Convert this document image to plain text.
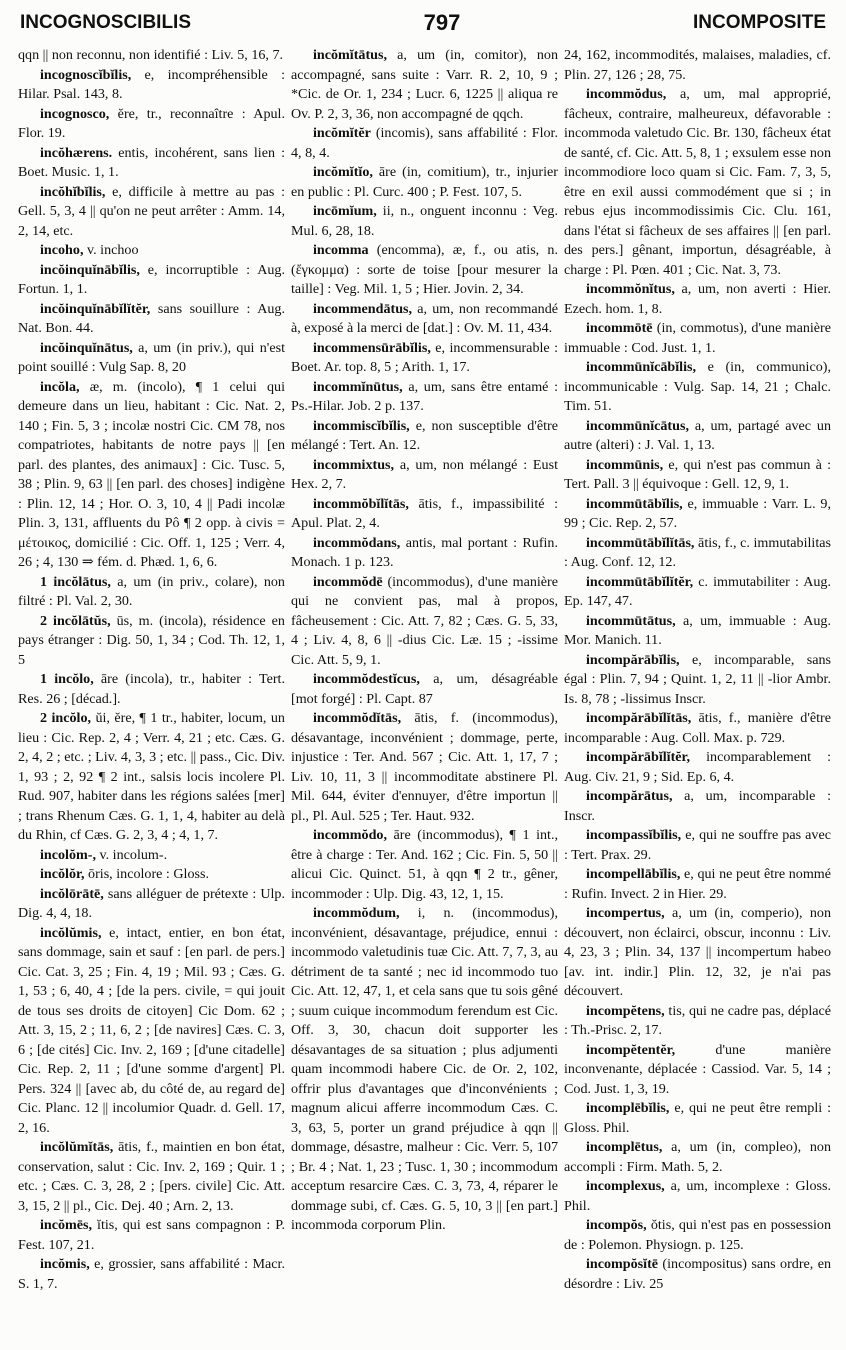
INCOGNOSCIBILIS	797	INCOMPOSITE

qqn || non reconnu, non identifié : Liv. 5, 16, 7.

incognoscĭbĭlis, e, incompréhensible : Hilar. Psal. 143, 8.

incognosco, ĕre, tr., reconnaître : Apul. Flor. 19.

incŏhærens. entis, incohérent, sans lien : Boet. Music. 1, 1.

incŏhĭbĭlis, e, difficile à mettre au pas : Gell. 5, 3, 4 || qu'on ne peut arrêter : Amm. 14, 2, 14, etc.

incoho, v. inchoo

incŏinquĭnābĭlis, e, incorruptible : Aug. Fortun. 1, 1.

incŏinquĭnābĭlĭtĕr, sans souillure : Aug. Nat. Bon. 44.

incŏinquĭnātus, a, um (in priv.), qui n'est point souillé : Vulg Sap. 8, 20

incŏla, æ, m. (incolo), ¶ 1 celui qui demeure dans un lieu, habitant : Cic. Nat. 2, 140 ; Fin. 5, 3 ; incolæ nostri Cic. CM 78, nos compatriotes, habitants de notre pays || [en parl. des plantes, des animaux] : Cic. Tusc. 5, 38 ; Plin. 9, 63 || [en parl. des choses] indigène : Plin. 12, 14 ; Hor. O. 3, 10, 4 || Padi incolæ Plin. 3, 131, affluents du Pô ¶ 2 opp. à civis = μέτοικος, domicilié : Cic. Off. 1, 125 ; Verr. 4, 26 ; 4, 130 ⇒ fém. d. Phæd. 1, 6, 6.

1 incŏlātus, a, um (in priv., colare), non filtré : Pl. Val. 2, 30.

2 incŏlātŭs, ūs, m. (incola), résidence en pays étranger : Dig. 50, 1, 34 ; Cod. Th. 12, 1, 5

1 incŏlo, āre (incola), tr., habiter : Tert. Res. 26 ; [décad.].

2 incŏlo, ŭi, ĕre, ¶ 1 tr., habiter, locum, un lieu : Cic. Rep. 2, 4 ; Verr. 4, 21 ; etc. Cæs. G. 2, 4, 2 ; etc. ; Liv. 4, 3, 3 ; etc. || pass., Cic. Div. 1, 93 ; 2, 92 ¶ 2 int., salsis locis incolere Pl. Rud. 907, habiter dans les régions salées [mer] ; trans Rhenum Cæs. G. 1, 1, 4, habiter au delà du Rhin, cf Cæs. G. 2, 3, 4 ; 4, 1, 7.

incolŏm-, v. incolum-.

incŏlŏr, ōris, incolore : Gloss.

incŏlōrātē, sans alléguer de prétexte : Ulp. Dig. 4, 4, 18.

incŏlŭmis, e, intact, entier, en bon état, sans dommage, sain et sauf : [en parl. de pers.] Cic. Cat. 3, 25 ; Fin. 4, 19 ; Mil. 93 ; Cæs. G. 1, 53 ; 6, 40, 4 ; [de la pers. civile, = qui jouit de tous ses droits de citoyen] Cic Dom. 62 ; Att. 3, 15, 2 ; 11, 6, 2 ; [de navires] Cæs. C. 3, 6 ; [de cités] Cic. Inv. 2, 169 ; [d'une citadelle] Cic. Rep. 2, 11 ; [d'une somme d'argent] Pl. Pers. 324 || [avec ab, du côté de, au regard de] Cic. Planc. 12 || incolumior Quadr. d. Gell. 17, 2, 16.

incŏlŭmĭtās, ātis, f., maintien en bon état, conservation, salut : Cic. Inv. 2, 169 ; Quir. 1 ; etc. ; Cæs. C. 3, 28, 2 ; [pers. civile] Cic. Att. 3, 15, 2 || pl., Cic. Dej. 40 ; Arn. 2, 13.

incŏmēs, ĭtis, qui est sans compagnon : P. Fest. 107, 21.

incŏmis, e, grossier, sans affabilité : Macr. S. 1, 7.

incŏmĭtātus, a, um (in, comitor), non accompagné, sans suite : Varr. R. 2, 10, 9 ; *Cic. de Or. 1, 234 ; Lucr. 6, 1225 || aliqua re Ov. P. 2, 3, 36, non accompagné de qqch.

incŏmĭtĕr (incomis), sans affabilité : Flor. 4, 8, 4.

incŏmĭtĭo, āre (in, comitium), tr., injurier en public : Pl. Curc. 400 ; P. Fest. 107, 5.

incōmĭum, ii, n., onguent inconnu : Veg. Mul. 6, 28, 18.

incomma (encomma), æ, f., ou atis, n. (ἔγκομμα) : sorte de toise [pour mesurer la taille] : Veg. Mil. 1, 5 ; Hier. Jovin. 2, 34.

incommendātus, a, um, non recommandé à, exposé à la merci de [dat.] : Ov. M. 11, 434.

incommensūrābĭlis, e, incommensurable : Boet. Ar. top. 8, 5 ; Arith. 1, 17.

incommĭnūtus, a, um, sans être entamé : Ps.-Hilar. Job. 2 p. 137.

incommiscĭbĭlis, e, non susceptible d'être mélangé : Tert. An. 12.

incommixtus, a, um, non mélangé : Eust Hex. 2, 7.

incommŏbĭlĭtās, ātis, f., impassibilité : Apul. Plat. 2, 4.

incommŏdans, antis, mal portant : Rufin. Monach. 1 p. 123.

incommŏdē (incommodus), d'une manière qui ne convient pas, mal à propos, fâcheusement : Cic. Att. 7, 82 ; Cæs. G. 5, 33, 4 ; Liv. 4, 8, 6 || -dius Cic. Læ. 15 ; -issime Cic. Att. 5, 9, 1.

incommŏdestĭcus, a, um, désagréable [mot forgé] : Pl. Capt. 87

incommŏdĭtās, ātis, f. (incommodus), désavantage, inconvénient ; dommage, perte, injustice : Ter. And. 567 ; Cic. Att. 1, 17, 7 ; Liv. 10, 11, 3 || incommoditate abstinere Pl. Mil. 644, éviter d'ennuyer, d'être importun || pl., Pl. Aul. 525 ; Ter. Haut. 932.

incommŏdo, āre (incommodus), ¶ 1 int., être à charge : Ter. And. 162 ; Cic. Fin. 5, 50 || alicui Cic. Quinct. 51, à qqn ¶ 2 tr., gêner, incommoder : Ulp. Dig. 43, 12, 1, 15.

incommŏdum, i, n. (incommodus), inconvénient, désavantage, préjudice, ennui : incommodo valetudinis tuæ Cic. Att. 7, 7, 3, au détriment de ta santé ; nec id incommodo tuo Cic. Att. 12, 47, 1, et cela sans que tu sois gêné ; suum cuique incommodum ferendum est Cic. Off. 3, 30, chacun doit supporter les désavantages de sa situation ; plus adjumenti quam incommodi habere Cic. de Or. 2, 102, offrir plus d'avantages que d'inconvénients ; magnum alicui afferre incommodum Cæs. C. 3, 63, 5, porter un grand préjudice à qqn || dommage, désastre, malheur : Cic. Verr. 5, 107 ; Br. 4 ; Nat. 1, 23 ; Tusc. 1, 30 ; incommodum acceptum resarcire Cæs. C. 3, 73, 4, réparer le dommage subi, cf. Cæs. G. 5, 10, 3 || [en part.] incommoda corporum Plin.

24, 162, incommodités, malaises, maladies, cf. Plin. 27, 126 ; 28, 75.

incommŏdus, a, um, mal approprié, fâcheux, contraire, malheureux, défavorable : incommoda valetudo Cic. Br. 130, fâcheux état de santé, cf. Cic. Att. 5, 8, 1 ; exsulem esse non incommodiore loco quam si Cic. Fam. 7, 3, 5, être en exil aussi commodément que si ; in rebus ejus incommodissimis Cic. Clu. 161, dans l'état si fâcheux de ses affaires || [en parl. des pers.] gênant, importun, désagréable, à charge : Pl. Pœn. 401 ; Cic. Nat. 3, 73.

incommŏnĭtus, a, um, non averti : Hier. Ezech. hom. 1, 8.

incommōtē (in, commotus), d'une manière immuable : Cod. Just. 1, 1.

incommūnĭcābĭlis, e (in, communico), incommunicable : Vulg. Sap. 14, 21 ; Chalc. Tim. 51.

incommūnĭcātus, a, um, partagé avec un autre (alteri) : J. Val. 1, 13.

incommūnis, e, qui n'est pas commun à : Tert. Pall. 3 || équivoque : Gell. 12, 9, 1.

incommūtābĭlis, e, immuable : Varr. L. 9, 99 ; Cic. Rep. 2, 57.

incommūtābĭlĭtās, ātis, f., c. immutabilitas : Aug. Conf. 12, 12.

incommūtābĭlĭtĕr, c. immutabiliter : Aug. Ep. 147, 47.

incommūtātus, a, um, immuable : Aug. Mor. Manich. 11.

incompărābĭlis, e, incomparable, sans égal : Plin. 7, 94 ; Quint. 1, 2, 11 || -lior Ambr. Is. 8, 78 ; -lissimus Inscr.

incompărābĭlĭtās, ātis, f., manière d'être incomparable : Aug. Coll. Max. p. 729.

incompărābĭlĭtĕr, incomparablement : Aug. Civ. 21, 9 ; Sid. Ep. 6, 4.

incompărātus, a, um, incomparable : Inscr.

incompassĭbĭlis, e, qui ne souffre pas avec : Tert. Prax. 29.

incompellābĭlis, e, qui ne peut être nommé : Rufin. Invect. 2 in Hier. 29.

incompertus, a, um (in, comperio), non découvert, non éclairci, obscur, inconnu : Liv. 4, 23, 3 ; Plin. 34, 137 || incompertum habeo [av. int. indir.] Plin. 12, 32, je n'ai pas découvert.

incompĕtens, tis, qui ne cadre pas, déplacé : Th.-Prisc. 2, 17.

incompĕtentĕr, d'une manière inconvenante, déplacée : Cassiod. Var. 5, 14 ; Cod. Just. 1, 3, 19.

incomplēbĭlis, e, qui ne peut être rempli : Gloss. Phil.

incomplētus, a, um (in, compleo), non accompli : Firm. Math. 5, 2.

incomplexus, a, um, incomplexe : Gloss. Phil.

incompŏs, ŏtis, qui n'est pas en possession de : Polemon. Physiogn. p. 125.

incompŏsĭtē (incompositus) sans ordre, en désordre : Liv. 25
